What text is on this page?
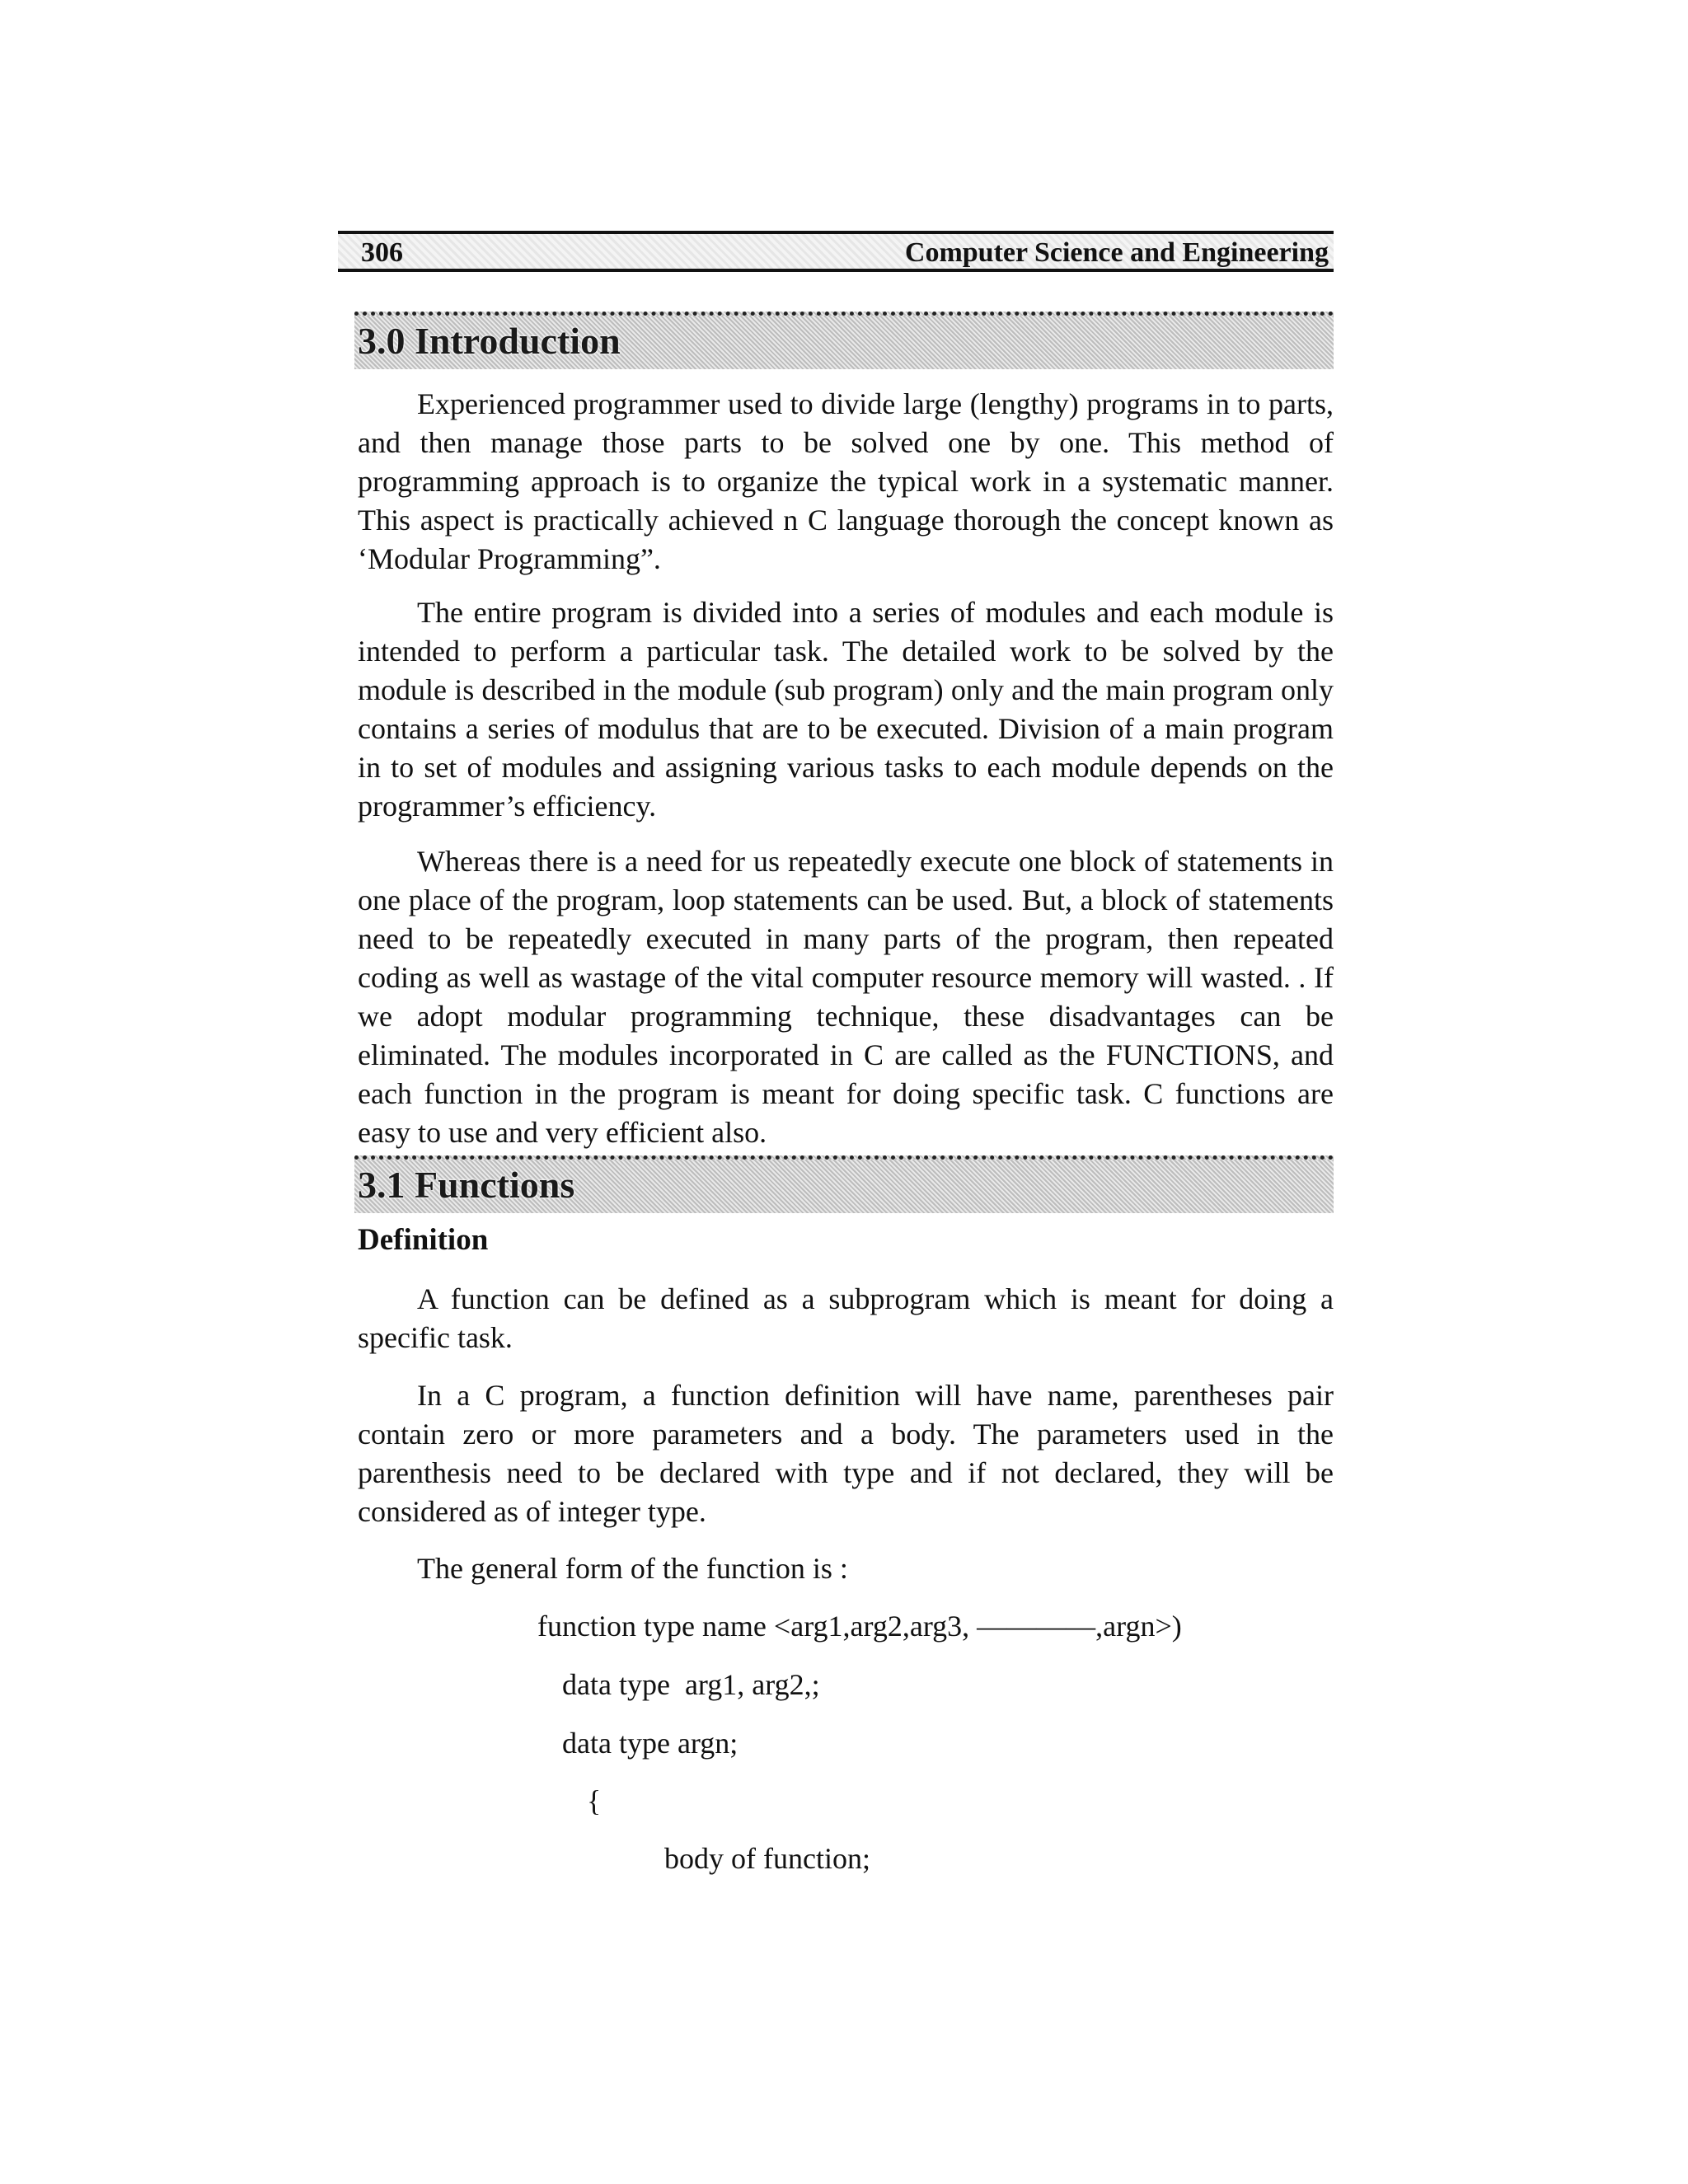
306	Computer Science and Engineering
3.0 Introduction

Experienced programmer used to divide large (lengthy) programs in to parts, and then manage those parts to be solved one by one. This method of programming approach is to organize the typical work in a systematic manner. This aspect is practically achieved n C language thorough the concept known as ‘Modular Programming”.

The entire program is divided into a series of modules and each module is intended to perform a particular task. The detailed work to be solved by the module is described in the module (sub program) only and the main program only contains a series of modulus that are to be executed. Division of a main program in to set of modules and assigning various tasks to each module depends on the programmer’s efficiency.

Whereas there is a need for us repeatedly execute one block of statements in one place of the program, loop statements can be used. But, a block of statements need to be repeatedly executed in many parts of the program, then repeated coding as well as wastage of the vital computer resource memory will wasted. . If we adopt modular programming technique, these disadvantages can be eliminated. The modules incorporated in C are called as the FUNCTIONS, and each function in the program is meant for doing specific task. C functions are easy to use and very efficient also.

3.1 Functions
Definition

A function can be defined as a subprogram which is meant for doing a specific task.

In a C program, a function definition will have name, parentheses pair contain zero or more parameters and a body. The parameters used in the parenthesis need to be declared with type and if not declared, they will be considered as of integer type.

The general form of the function is :

function type name <arg1,arg2,arg3, ————,argn>)
data type  arg1, arg2,;
data type argn;
{
body of function;
